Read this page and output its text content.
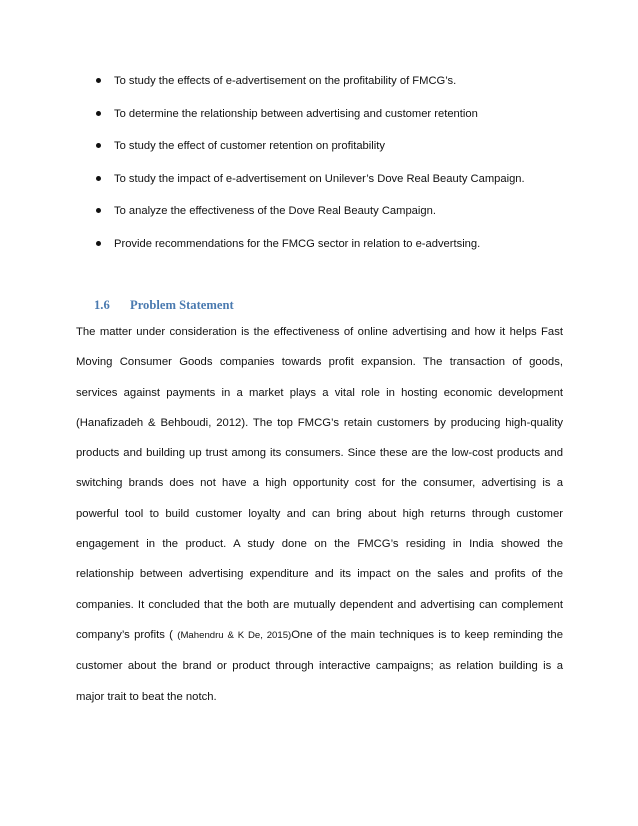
To study the effects of e-advertisement on the profitability of FMCG’s.
To determine the relationship between advertising and customer retention
To study the effect of customer retention on profitability
To study the impact of e-advertisement on Unilever’s Dove Real Beauty Campaign.
To analyze the effectiveness of the Dove Real Beauty Campaign.
Provide recommendations for the FMCG sector in relation to e-advertsing.
1.6 Problem Statement

The matter under consideration is the effectiveness of online advertising and how it helps Fast Moving Consumer Goods companies towards profit expansion. The transaction of goods, services against payments in a market plays a vital role in hosting economic development (Hanafizadeh & Behboudi, 2012). The top FMCG’s retain customers by producing high-quality products and building up trust among its consumers. Since these are the low-cost products and switching brands does not have a high opportunity cost for the consumer, advertising is a powerful tool to build customer loyalty and can bring about high returns through customer engagement in the product. A study done on the FMCG’s residing in India showed the relationship between advertising expenditure and its impact on the sales and profits of the companies. It concluded that the both are mutually dependent and advertising can complement company’s profits ( (Mahendru & K De, 2015)One of the main techniques is to keep reminding the customer about the brand or product through interactive campaigns; as relation building is a major trait to beat the notch.
